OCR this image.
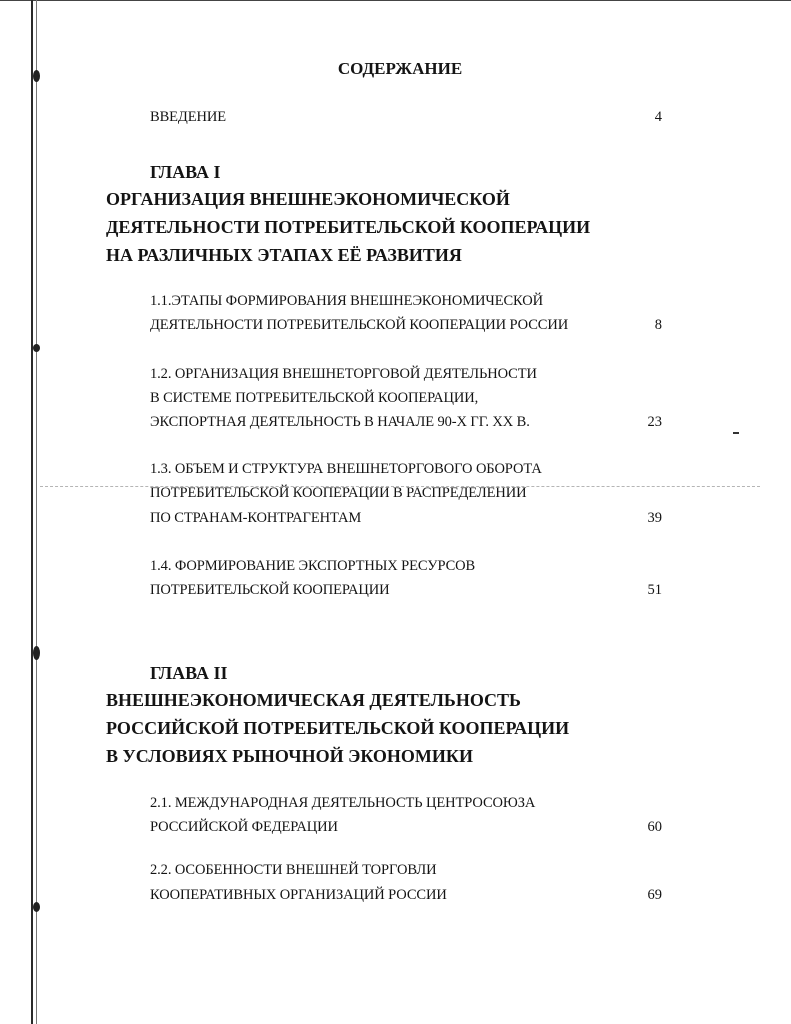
СОДЕРЖАНИЕ
ВВЕДЕНИЕ	4
ГЛАВА I
ОРГАНИЗАЦИЯ ВНЕШНЕЭКОНОМИЧЕСКОЙ
ДЕЯТЕЛЬНОСТИ ПОТРЕБИТЕЛЬСКОЙ КООПЕРАЦИИ
НА РАЗЛИЧНЫХ ЭТАПАХ ЕЁ РАЗВИТИЯ
1.1.ЭТАПЫ ФОРМИРОВАНИЯ ВНЕШНЕЭКОНОМИЧЕСКОЙ
ДЕЯТЕЛЬНОСТИ ПОТРЕБИТЕЛЬСКОЙ КООПЕРАЦИИ РОССИИ	8
1.2. ОРГАНИЗАЦИЯ ВНЕШНЕТОРГОВОЙ ДЕЯТЕЛЬНОСТИ
В СИСТЕМЕ ПОТРЕБИТЕЛЬСКОЙ КООПЕРАЦИИ,
ЭКСПОРТНАЯ ДЕЯТЕЛЬНОСТЬ В НАЧАЛЕ 90-Х ГГ. XX В.	23
1.3. ОБЪЕМ И СТРУКТУРА ВНЕШНЕТОРГОВОГО ОБОРОТА
ПОТРЕБИТЕЛЬСКОЙ КООПЕРАЦИИ В РАСПРЕДЕЛЕНИИ
ПО СТРАНАМ-КОНТРАГЕНТАМ	39
1.4. ФОРМИРОВАНИЕ ЭКСПОРТНЫХ РЕСУРСОВ
ПОТРЕБИТЕЛЬСКОЙ КООПЕРАЦИИ	51
ГЛАВА II
ВНЕШНЕЭКОНОМИЧЕСКАЯ ДЕЯТЕЛЬНОСТЬ
РОССИЙСКОЙ ПОТРЕБИТЕЛЬСКОЙ КООПЕРАЦИИ
В УСЛОВИЯХ РЫНОЧНОЙ ЭКОНОМИКИ
2.1. МЕЖДУНАРОДНАЯ ДЕЯТЕЛЬНОСТЬ ЦЕНТРОСОЮЗА
РОССИЙСКОЙ ФЕДЕРАЦИИ	60
2.2. ОСОБЕННОСТИ ВНЕШНЕЙ ТОРГОВЛИ
КООПЕРАТИВНЫХ ОРГАНИЗАЦИЙ РОССИИ	69
